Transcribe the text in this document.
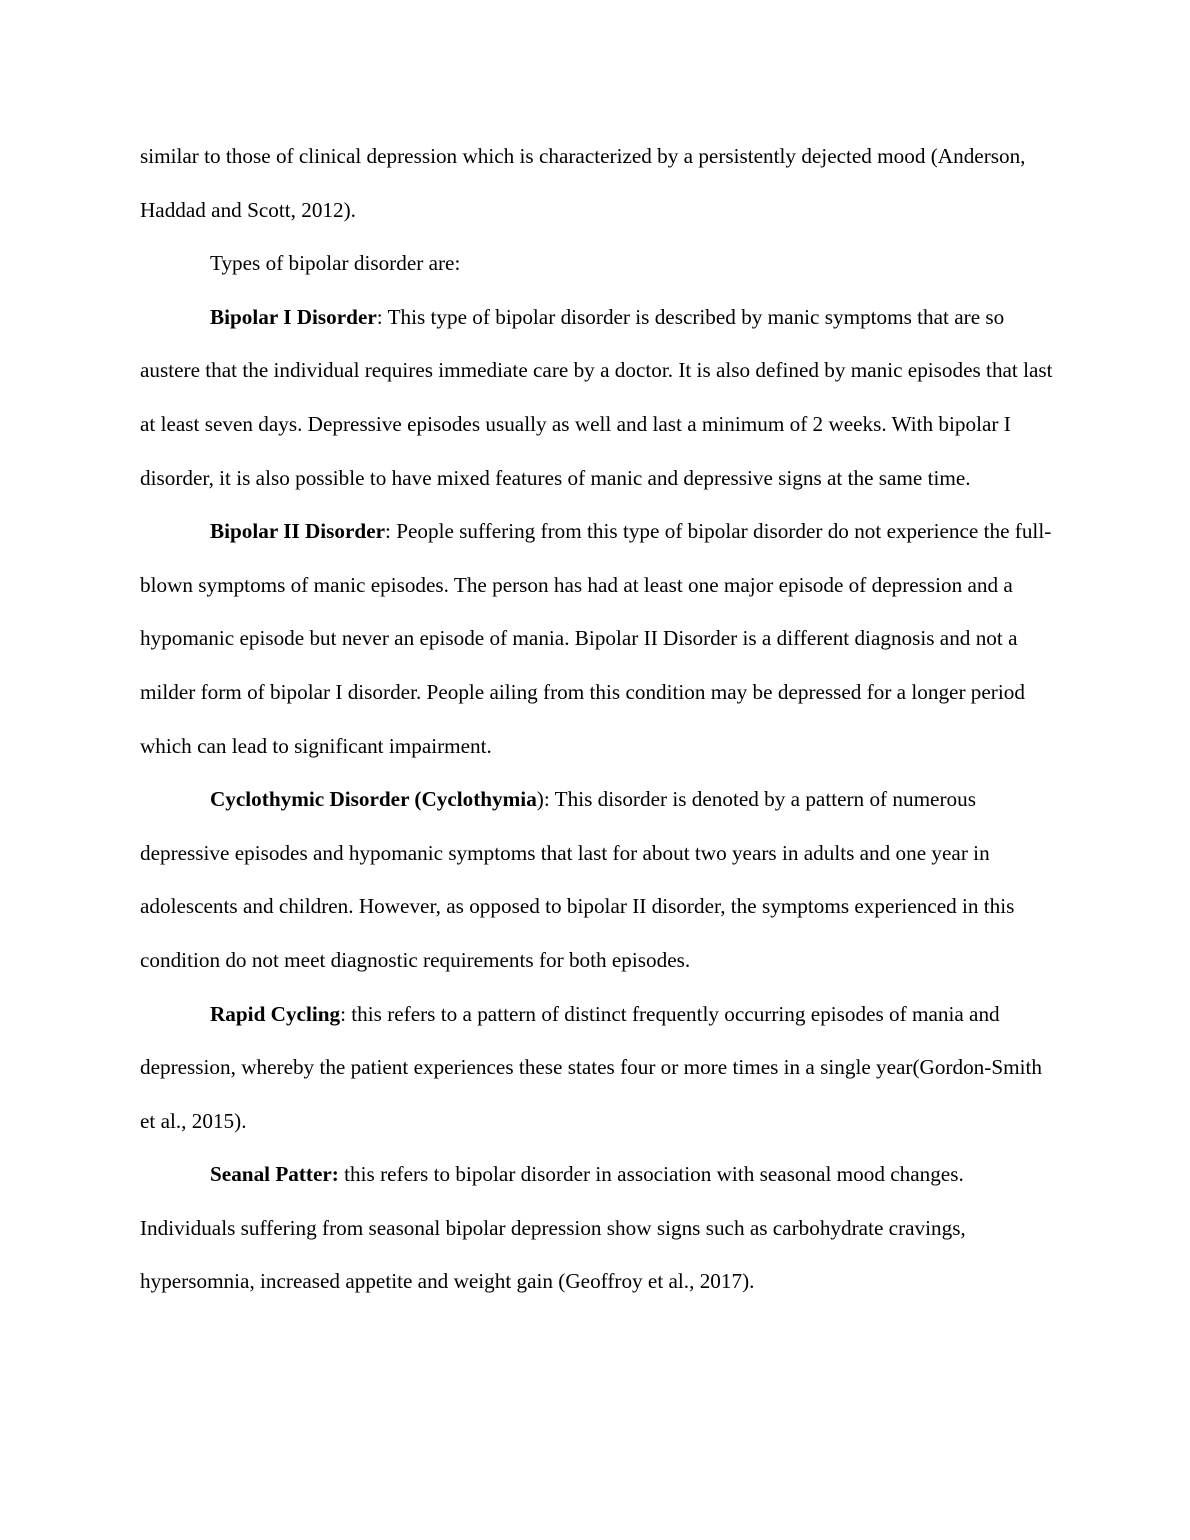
similar to those of clinical depression which is characterized by a persistently dejected mood (Anderson, Haddad and Scott, 2012).

Types of bipolar disorder are:

Bipolar I Disorder: This type of bipolar disorder is described by manic symptoms that are so austere that the individual requires immediate care by a doctor. It is also defined by manic episodes that last at least seven days. Depressive episodes usually as well and last a minimum of 2 weeks. With bipolar I disorder, it is also possible to have mixed features of manic and depressive signs at the same time.

Bipolar II Disorder: People suffering from this type of bipolar disorder do not experience the full-blown symptoms of manic episodes. The person has had at least one major episode of depression and a hypomanic episode but never an episode of mania. Bipolar II Disorder is a different diagnosis and not a milder form of bipolar I disorder. People ailing from this condition may be depressed for a longer period which can lead to significant impairment.

Cyclothymic Disorder (Cyclothymia): This disorder is denoted by a pattern of numerous depressive episodes and hypomanic symptoms that last for about two years in adults and one year in adolescents and children. However, as opposed to bipolar II disorder, the symptoms experienced in this condition do not meet diagnostic requirements for both episodes.

Rapid Cycling: this refers to a pattern of distinct frequently occurring episodes of mania and depression, whereby the patient experiences these states four or more times in a single year(Gordon-Smith et al., 2015).

Seanal Patter: this refers to bipolar disorder in association with seasonal mood changes. Individuals suffering from seasonal bipolar depression show signs such as carbohydrate cravings, hypersomnia, increased appetite and weight gain (Geoffroy et al., 2017).
